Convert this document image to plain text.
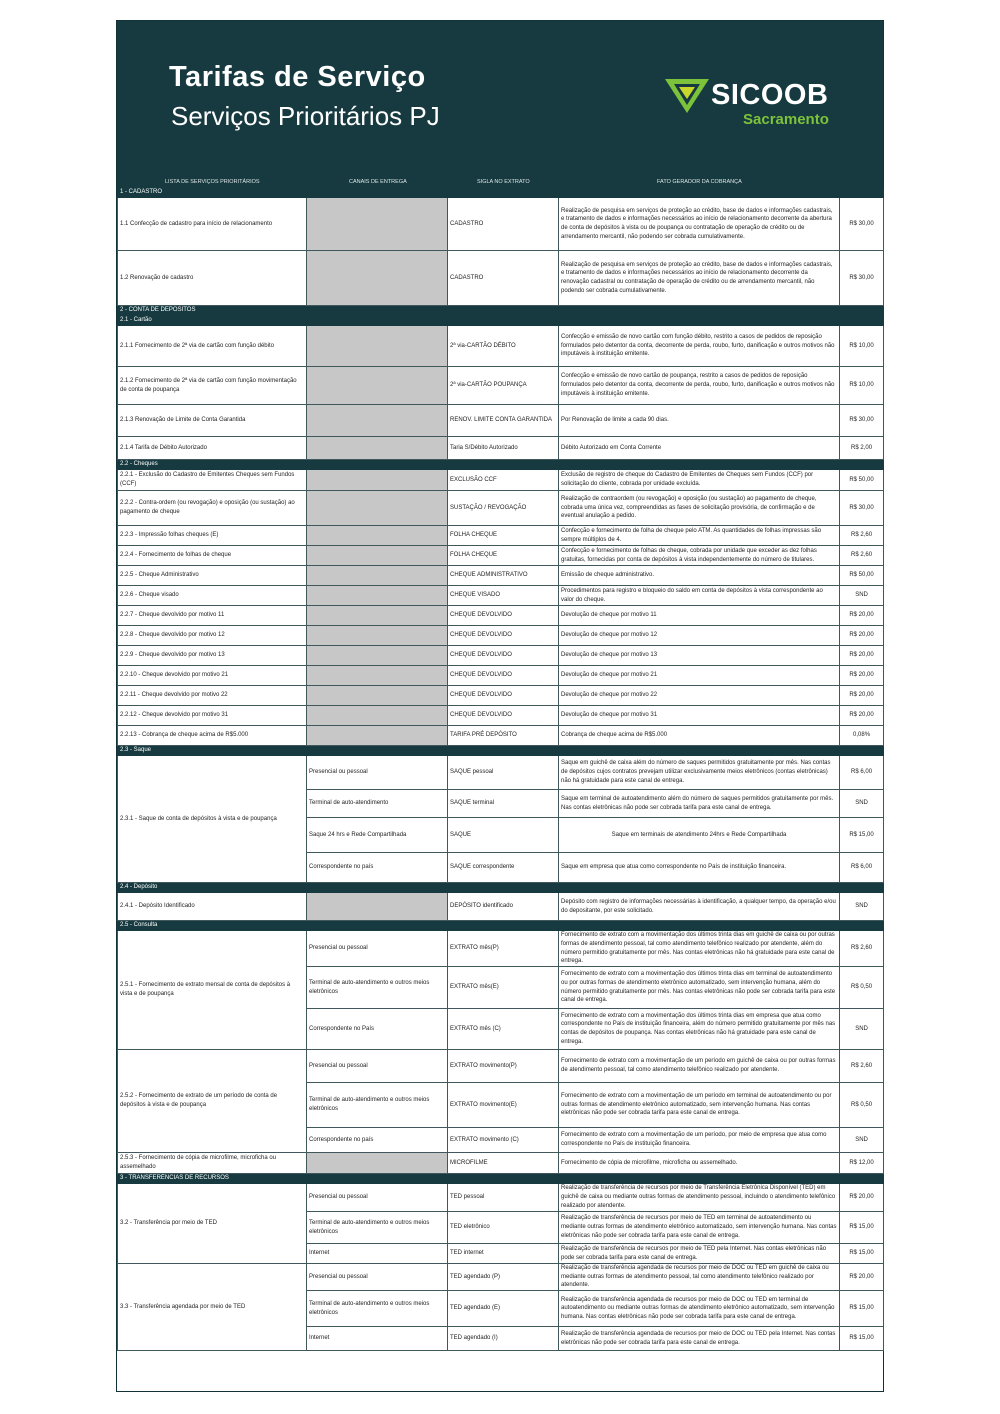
Tarifas de Serviço
Serviços Prioritários PJ
SICOOB
Sacramento
LISTA DE SERVIÇOS PRIORITÁRIOS	CANAIS DE ENTREGA	SIGLA NO EXTRATO	FATO GERADOR DA COBRANÇA
1 - CADASTRO				
1.1 Confecção de cadastro para início de relacionamento		CADASTRO	Realização de pesquisa em serviços de proteção ao crédito, base de dados e informações cadastrais, e tratamento de dados e informações necessários ao início de relacionamento decorrente da abertura de conta de depósitos à vista ou de poupança ou contratação de operação de crédito ou de arrendamento mercantil, não podendo ser cobrada cumulativamente.	R$ 30,00
1.2 Renovação de cadastro		CADASTRO	Realização de pesquisa em serviços de proteção ao crédito, base de dados e informações cadastrais, e tratamento de dados e informações necessários ao início de relacionamento decorrente da renovação cadastral ou contratação de operação de crédito ou de arrendamento mercantil, não podendo ser cobrada cumulativamente.	R$ 30,00
2 - CONTA DE DEPÓSITOS				
2.1 - Cartão				
2.1.1 Fornecimento de 2ª via de cartão com função débito		2ª via-CARTÃO DÉBITO	Confecção e emissão de novo cartão com função débito, restrito a casos de pedidos de reposição formulados pelo detentor da conta, decorrente de perda, roubo, furto, danificação e outros motivos não imputáveis à instituição emitente.	R$ 10,00
2.1.2 Fornecimento de 2ª via de cartão com função movimentação de conta de poupança		2ª via-CARTÃO POUPANÇA	Confecção e emissão de novo cartão de poupança, restrito a casos de pedidos de reposição formulados pelo detentor da conta, decorrente de perda, roubo, furto, danificação e outros motivos não imputáveis à instituição emitente.	R$ 10,00
2.1.3 Renovação de Limite de Conta Garantida		RENOV. LIMITE CONTA GARANTIDA	Por Renovação de limite a cada 90 dias.	R$ 30,00
2.1.4 Tarifa de Débito Autorizado		Taria S/Débito Autorizado	Débito Autorizado em Conta Corrente	R$ 2,00
2.2 - Cheques				
2.2.1 - Exclusão do Cadastro de Emitentes Cheques sem Fundos (CCF)		EXCLUSÃO CCF	Exclusão de registro de cheque do Cadastro de Emitentes de Cheques sem Fundos (CCF) por solicitação do cliente, cobrada por unidade excluída.	R$ 50,00
2.2.2 - Contra-ordem (ou revogação) e oposição (ou sustação) ao pagamento de cheque		SUSTAÇÃO / REVOGAÇÃO	Realização de contraordem (ou revogação) e oposição (ou sustação) ao pagamento de cheque, cobrada uma única vez, compreendidas as fases de solicitação provisória, de confirmação e de eventual anulação a pedido.	R$ 30,00
2.2.3 - Impressão folhas cheques (E)		FOLHA CHEQUE	Confecção e fornecimento de folha de cheque pelo ATM. As quantidades de folhas impressas são sempre múltiplos de 4.	R$ 2,60
2.2.4 - Fornecimento de folhas de cheque		FOLHA CHEQUE	Confecção e fornecimento de folhas de cheque, cobrada por unidade que exceder as dez folhas gratuitas, fornecidas por conta de depósitos à vista independentemente do número de titulares.	R$ 2,60
2.2.5 - Cheque Administrativo		CHEQUE ADMINISTRATIVO	Emissão de cheque administrativo.	R$ 50,00
2.2.6 - Cheque visado		CHEQUE VISADO	Procedimentos para registro e bloqueio do saldo em conta de depósitos à vista correspondente ao valor do cheque.	SND
2.2.7 - Cheque devolvido por motivo 11		CHEQUE DEVOLVIDO	Devolução de cheque por motivo 11	R$ 20,00
2.2.8 - Cheque devolvido por motivo 12		CHEQUE DEVOLVIDO	Devolução de cheque por motivo 12	R$ 20,00
2.2.9 - Cheque devolvido por motivo 13		CHEQUE DEVOLVIDO	Devolução de cheque por motivo 13	R$ 20,00
2.2.10 - Cheque devolvido por motivo 21		CHEQUE DEVOLVIDO	Devolução de cheque por motivo 21	R$ 20,00
2.2.11 - Cheque devolvido por motivo 22		CHEQUE DEVOLVIDO	Devolução de cheque por motivo 22	R$ 20,00
2.2.12 - Cheque devolvido por motivo 31		CHEQUE DEVOLVIDO	Devolução de cheque por motivo 31	R$ 20,00
2.2.13 - Cobrança de cheque acima de R$5.000		TARIFA PRÉ DEPÓSITO	Cobrança de cheque acima de R$5.000	0,08%
2.3 - Saque				
2.3.1 - Saque de conta de depósitos à vista e de poupança	Presencial ou pessoal	SAQUE pessoal	Saque em guichê de caixa além do número de saques permitidos gratuitamente por mês. Nas contas de depósitos cujos contratos prevejam utilizar exclusivamente meios eletrônicos (contas eletrônicas) não há gratuidade para este canal de entrega.	R$ 6,00
	Terminal de auto-atendimento	SAQUE terminal	Saque em terminal de autoatendimento além do número de saques permitidos gratuitamente por mês. Nas contas eletrônicas não pode ser cobrada tarifa para este canal de entrega.	SND
	Saque 24 hrs e Rede Compartilhada	SAQUE	Saque em terminais de atendimento 24hrs e Rede Compartilhada	R$ 15,00
	Correspondente no país	SAQUE correspondente	Saque em empresa que atua como correspondente no País de instituição financeira.	R$ 6,00
2.4 - Depósito				
2.4.1 - Depósito Identificado		DEPÓSITO identificado	Depósito com registro de informações necessárias à identificação, a qualquer tempo, da operação e/ou do depositante, por este solicitado.	SND
2.5 - Consulta				
2.5.1 - Fornecimento de extrato mensal de conta de depósitos à vista e de poupança	Presencial ou pessoal	EXTRATO mês(P)	Fornecimento de extrato com a movimentação dos últimos trinta dias em guichê de caixa ou por outras formas de atendimento pessoal, tal como atendimento telefônico realizado por atendente, além do número permitido gratuitamente por mês. Nas contas eletrônicas não há gratuidade para este canal de entrega.	R$ 2,60
	Terminal de auto-atendimento e outros meios eletrônicos	EXTRATO mês(E)	Fornecimento de extrato com a movimentação dos últimos trinta dias em terminal de autoatendimento ou por outras formas de atendimento eletrônico automatizado, sem intervenção humana, além do número permitido gratuitamente por mês. Nas contas eletrônicas não pode ser cobrada tarifa para este canal de entrega.	R$ 0,50
	Correspondente no País	EXTRATO mês (C)	Fornecimento de extrato com a movimentação dos últimos trinta dias em empresa que atua como correspondente no País de instituição financeira, além do número permitido gratuitamente por mês nas contas de depósitos de poupança. Nas contas eletrônicas não há gratuidade para este canal de entrega.	SND
2.5.2 - Fornecimento de extrato de um período de conta de depósitos à vista e de poupança	Presencial ou pessoal	EXTRATO movimento(P)	Fornecimento de extrato com a movimentação de um período em guichê de caixa ou por outras formas de atendimento pessoal, tal como atendimento telefônico realizado por atendente.	R$ 2,60
	Terminal de auto-atendimento e outros meios eletrônicos	EXTRATO movimento(E)	Fornecimento de extrato com a movimentação de um período em terminal de autoatendimento ou por outras formas de atendimento eletrônico automatizado, sem intervenção humana. Nas contas eletrônicas não pode ser cobrada tarifa para este canal de entrega.	R$ 0,50
	Correspondente no país	EXTRATO movimento (C)	Fornecimento de extrato com a movimentação de um período, por meio de empresa que atua como correspondente no País de instituição financeira.	SND
2.5.3 - Fornecimento de cópia de microfilme, microficha ou assemelhado		MICROFILME	Fornecimento de cópia de microfilme, microficha ou assemelhado.	R$ 12,00
3 - TRANSFERÊNCIAS DE RECURSOS				
3.2 - Transferência por meio de TED	Presencial ou pessoal	TED pessoal	Realização de transferência de recursos por meio de Transferência Eletrônica Disponível (TED) em guichê de caixa ou mediante outras formas de atendimento pessoal, incluindo o atendimento telefônico realizado por atendente.	R$ 20,00
	Terminal de auto-atendimento e outros meios eletrônicos	TED eletrônico	Realização de transferência de recursos por meio de TED em terminal de autoatendimento ou mediante outras formas de atendimento eletrônico automatizado, sem intervenção humana. Nas contas eletrônicas não pode ser cobrada tarifa para este canal de entrega.	R$ 15,00
	Internet	TED internet	Realização de transferência de recursos por meio de TED pela Internet. Nas contas eletrônicas não pode ser cobrada tarifa para este canal de entrega.	R$ 15,00
3.3 - Transferência agendada por meio de TED	Presencial ou pessoal	TED agendado (P)	Realização de transferência agendada de recursos por meio de DOC ou TED em guichê de caixa ou mediante outras formas de atendimento pessoal, tal como atendimento telefônico realizado por atendente.	R$ 20,00
	Terminal de auto-atendimento e outros meios eletrônicos	TED agendado (E)	Realização de transferência agendada de recursos por meio de DOC ou TED em terminal de autoatendimento ou mediante outras formas de atendimento eletrônico automatizado, sem intervenção humana. Nas contas eletrônicas não pode ser cobrada tarifa para este canal de entrega.	R$ 15,00
	Internet	TED agendado (I)	Realização de transferência agendada de recursos por meio de DOC ou TED pela Internet. Nas contas eletrônicas não pode ser cobrada tarifa para este canal de entrega.	R$ 15,00
